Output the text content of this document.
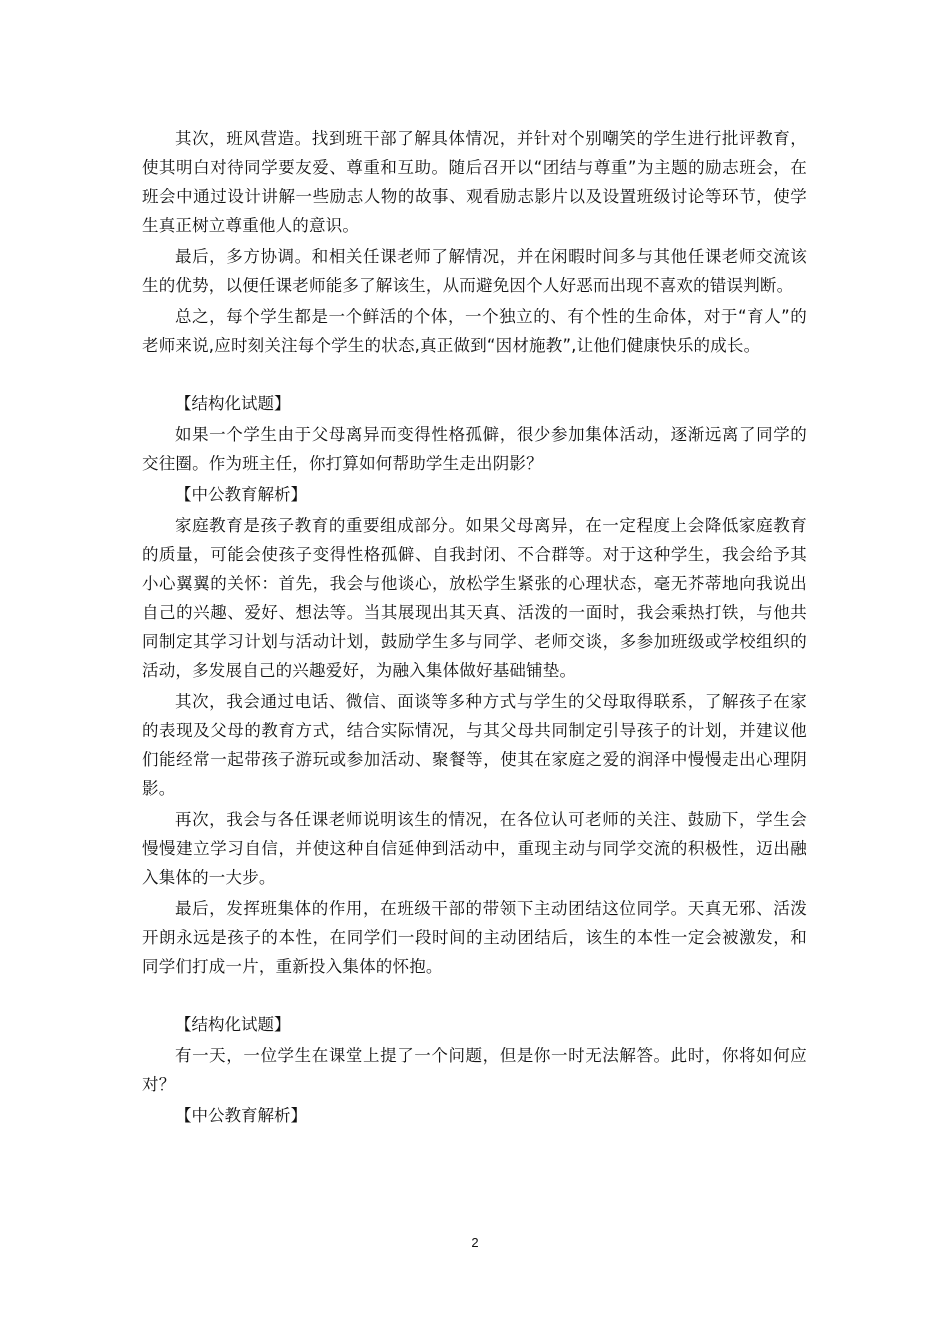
其次，班风营造。找到班干部了解具体情况，并针对个别嘲笑的学生进行批评教育，使其明白对待同学要友爱、尊重和互助。随后召开以“团结与尊重”为主题的励志班会，在班会中通过设计讲解一些励志人物的故事、观看励志影片以及设置班级讨论等环节，使学生真正树立尊重他人的意识。

最后，多方协调。和相关任课老师了解情况，并在闲暇时间多与其他任课老师交流该生的优势，以便任课老师能多了解该生，从而避免因个人好恶而出现不喜欢的错误判断。

总之，每个学生都是一个鲜活的个体，一个独立的、有个性的生命体，对于“育人”的老师来说,应时刻关注每个学生的状态,真正做到“因材施教”,让他们健康快乐的成长。

【结构化试题】

如果一个学生由于父母离异而变得性格孤僻，很少参加集体活动，逐渐远离了同学的交往圈。作为班主任，你打算如何帮助学生走出阴影？

【中公教育解析】

家庭教育是孩子教育的重要组成部分。如果父母离异，在一定程度上会降低家庭教育的质量，可能会使孩子变得性格孤僻、自我封闭、不合群等。对于这种学生，我会给予其小心翼翼的关怀：首先，我会与他谈心，放松学生紧张的心理状态，毫无芥蒂地向我说出自己的兴趣、爱好、想法等。当其展现出其天真、活泼的一面时，我会乘热打铁，与他共同制定其学习计划与活动计划，鼓励学生多与同学、老师交谈，多参加班级或学校组织的活动，多发展自己的兴趣爱好，为融入集体做好基础铺垫。

其次，我会通过电话、微信、面谈等多种方式与学生的父母取得联系，了解孩子在家的表现及父母的教育方式，结合实际情况，与其父母共同制定引导孩子的计划，并建议他们能经常一起带孩子游玩或参加活动、聚餐等，使其在家庭之爱的润泽中慢慢走出心理阴影。

再次，我会与各任课老师说明该生的情况，在各位认可老师的关注、鼓励下，学生会慢慢建立学习自信，并使这种自信延伸到活动中，重现主动与同学交流的积极性，迈出融入集体的一大步。

最后，发挥班集体的作用，在班级干部的带领下主动团结这位同学。天真无邪、活泼开朗永远是孩子的本性，在同学们一段时间的主动团结后，该生的本性一定会被激发，和同学们打成一片，重新投入集体的怀抱。

【结构化试题】

有一天，一位学生在课堂上提了一个问题，但是你一时无法解答。此时，你将如何应对？

【中公教育解析】

2
